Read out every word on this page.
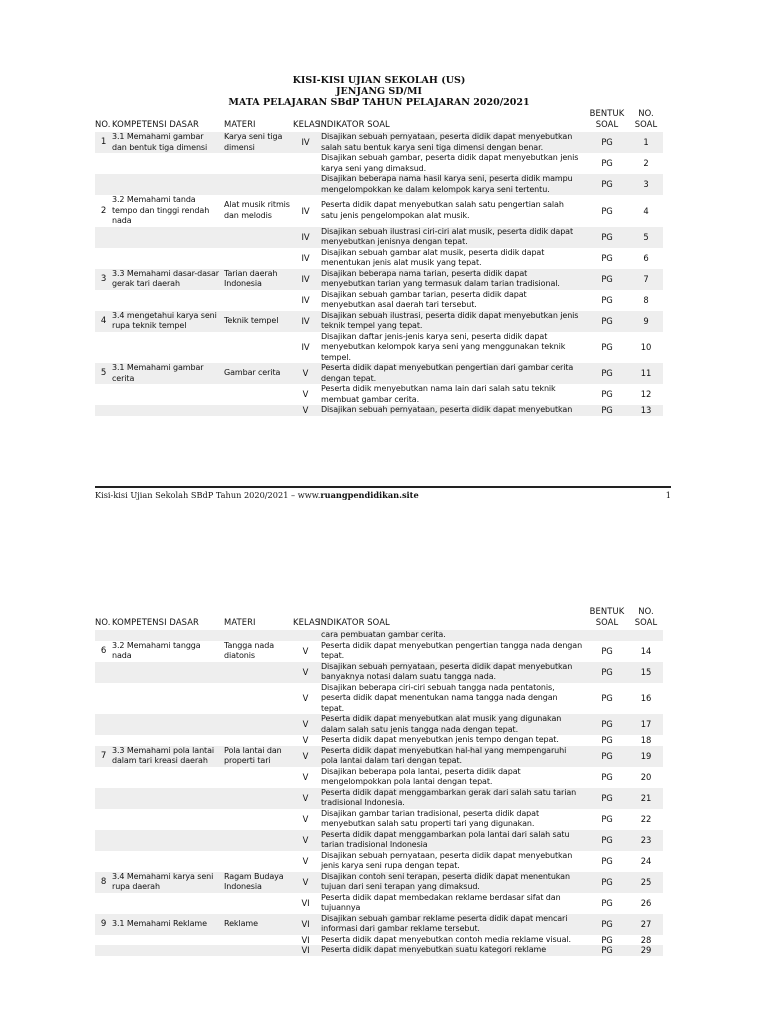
KISI-KISI UJIAN SEKOLAH (US)
JENJANG SD/MI
MATA PELAJARAN SBdP TAHUN PELAJARAN 2020/2021
NO.	KOMPETENSI DASAR	MATERI	KELAS	INDIKATOR SOAL	BENTUK SOAL	NO. SOAL
1	3.1 Memahami gambar dan bentuk tiga dimensi	Karya seni tiga dimensi	IV	Disajikan sebuah pernyataan, peserta didik dapat menyebutkan salah satu bentuk karya seni tiga dimensi dengan benar.	PG	1
				Disajikan sebuah gambar, peserta didik dapat menyebutkan jenis karya seni yang dimaksud.	PG	2
				Disajikan beberapa nama hasil karya seni, peserta didik mampu mengelompokkan ke dalam kelompok karya seni tertentu.	PG	3
2	3.2 Memahami tanda tempo dan tinggi rendah nada	Alat musik ritmis dan melodis	IV	Peserta didik dapat menyebutkan salah satu pengertian salah satu jenis pengelompokan alat musik.	PG	4
			IV	Disajikan sebuah ilustrasi ciri-ciri alat musik, peserta didik dapat menyebutkan jenisnya dengan tepat.	PG	5
			IV	Disajikan sebuah gambar alat musik, peserta didik dapat menentukan jenis alat musik yang tepat.	PG	6
3	3.3 Memahami dasar-dasar gerak tari daerah	Tarian daerah Indonesia	IV	Disajikan beberapa nama tarian, peserta didik dapat menyebutkan tarian yang termasuk dalam tarian tradisional.	PG	7
			IV	Disajikan sebuah gambar tarian, peserta didik dapat menyebutkan asal daerah tari tersebut.	PG	8
4	3.4 mengetahui karya seni rupa teknik tempel	Teknik tempel	IV	Disajikan sebuah ilustrasi, peserta didik dapat menyebutkan jenis teknik tempel yang tepat.	PG	9
			IV	Disajikan daftar jenis-jenis karya seni, peserta didik dapat menyebutkan kelompok karya seni yang menggunakan teknik tempel.	PG	10
5	3.1 Memahami gambar cerita	Gambar cerita	V	Peserta didik dapat menyebutkan pengertian dari gambar cerita dengan tepat.	PG	11
			V	Peserta didik menyebutkan nama lain dari salah satu teknik membuat gambar cerita.	PG	12
			V	Disajikan sebuah pernyataan, peserta didik dapat menyebutkan	PG	13
Kisi-kisi Ujian Sekolah SBdP Tahun 2020/2021 – www.ruangpendidikan.site	1
NO.	KOMPETENSI DASAR	MATERI	KELAS	INDIKATOR SOAL	BENTUK SOAL	NO. SOAL
				cara pembuatan gambar cerita.		
6	3.2 Memahami tangga nada	Tangga nada diatonis	V	Peserta didik dapat menyebutkan pengertian tangga nada dengan tepat.	PG	14
			V	Disajikan sebuah pernyataan, peserta didik dapat menyebutkan banyaknya notasi dalam suatu tangga nada.	PG	15
			V	Disajikan beberapa ciri-ciri sebuah tangga nada pentatonis, peserta didik dapat menentukan nama tangga nada dengan tepat.	PG	16
			V	Peserta didik dapat menyebutkan alat musik yang digunakan dalam salah satu jenis tangga nada dengan tepat.	PG	17
			V	Peserta didik dapat menyebutkan jenis tempo dengan tepat.	PG	18
7	3.3 Memahami pola lantai dalam tari kreasi daerah	Pola lantai dan properti tari	V	Peserta didik dapat menyebutkan hal-hal yang mempengaruhi pola lantai dalam tari dengan tepat.	PG	19
			V	Disajikan beberapa pola lantai, peserta didik dapat mengelompokkan pola lantai dengan tepat.	PG	20
			V	Peserta didik dapat menggambarkan gerak dari salah satu tarian tradisional Indonesia.	PG	21
			V	Disajikan gambar tarian tradisional, peserta didik dapat menyebutkan salah satu properti tari yang digunakan.	PG	22
			V	Peserta didik dapat menggambarkan pola lantai dari salah satu tarian tradisional Indonesia	PG	23
			V	Disajikan sebuah pernyataan, peserta didik dapat menyebutkan jenis karya seni rupa dengan tepat.	PG	24
8	3.4 Memahami karya seni rupa daerah	Ragam Budaya Indonesia	V	Disajikan contoh seni terapan, peserta didik dapat menentukan tujuan dari seni terapan yang dimaksud.	PG	25
			VI	Peserta didik dapat membedakan reklame berdasar sifat dan tujuannya	PG	26
9	3.1 Memahami Reklame	Reklame	VI	Disajikan sebuah gambar reklame peserta didik dapat mencari informasi dari gambar reklame tersebut.	PG	27
			VI	Peserta didik dapat menyebutkan contoh media reklame visual.	PG	28
			VI	Peserta didik dapat menyebutkan suatu kategori reklame	PG	29
